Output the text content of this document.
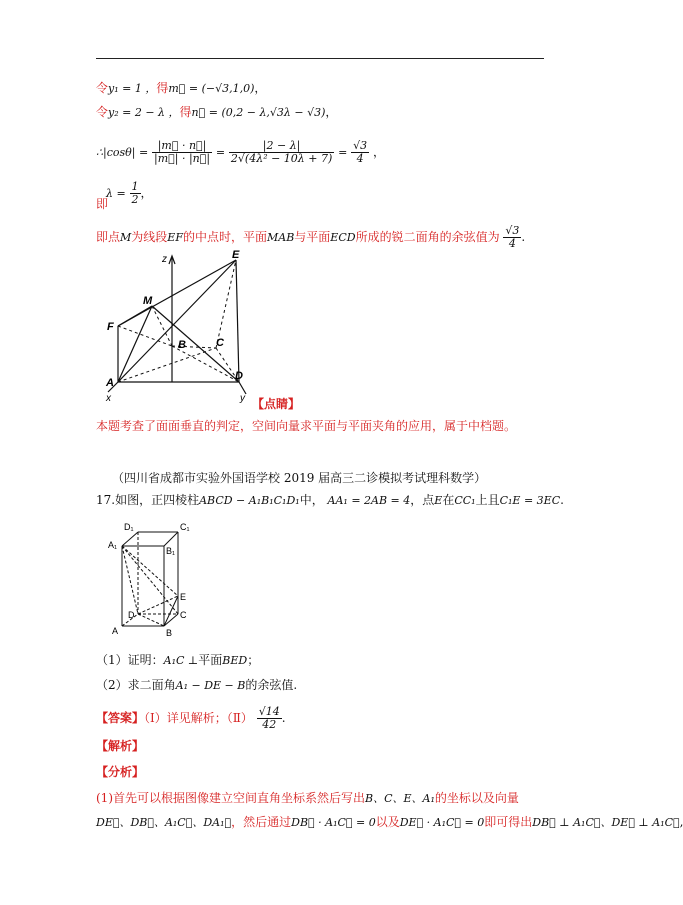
令y₁ = 1 ，得m⃗ = (−√3,1,0)，
令y₂ = 2 − λ ，得n⃗ = (0,2 − λ,√3λ − √3)，
∴|cosθ| = $\frac{|m⃗ \cdot n⃗|}{|m⃗| \cdot |n⃗|} = \frac{|2 - \lambda|}{\text{2√(4λ² − 10λ + 7)}} = \frac{√3}{4}$ ，
$\lambda = \frac{1}{2}$ ，
即
即点M为线段EF的中点时，平面MAB与平面ECD所成的锐二面角的余弦值为 $\frac{√3}{4}$ .
z	E
M
F
B	C
A
D
x	y 【点睛】
本题考查了面面垂直的判定，空间向量求平面与平面夹角的应用，属于中档题。
（四川省成都市实验外国语学校 2019 届高三二诊模拟考试理科数学）
17.如图，正四棱柱ABCD − A₁B₁C₁D₁中， AA₁ = 2AB = 4，点E在CC₁上且C₁E = 3EC.
D₁	C₁
A₁
B₁
E
D	C
A	B
（1）证明：A₁C ⊥平面BED；
（2）求二面角A₁ − DE − B的余弦值.
【答案】（Ⅰ）详见解析；（Ⅱ） $\frac{√14}{42}$ .
【解析】
【分析】
(1)首先可以根据图像建立空间直角坐标系然后写出B、C、E、A₁的坐标以及向量
DE⃗、DB⃗、A₁C⃗、DA₁⃗，然后通过DB⃗ · A₁C⃗ = 0以及DE⃗ · A₁C⃗ = 0即可得出DB⃗ ⊥ A₁C⃗、DE⃗ ⊥ A₁C⃗
